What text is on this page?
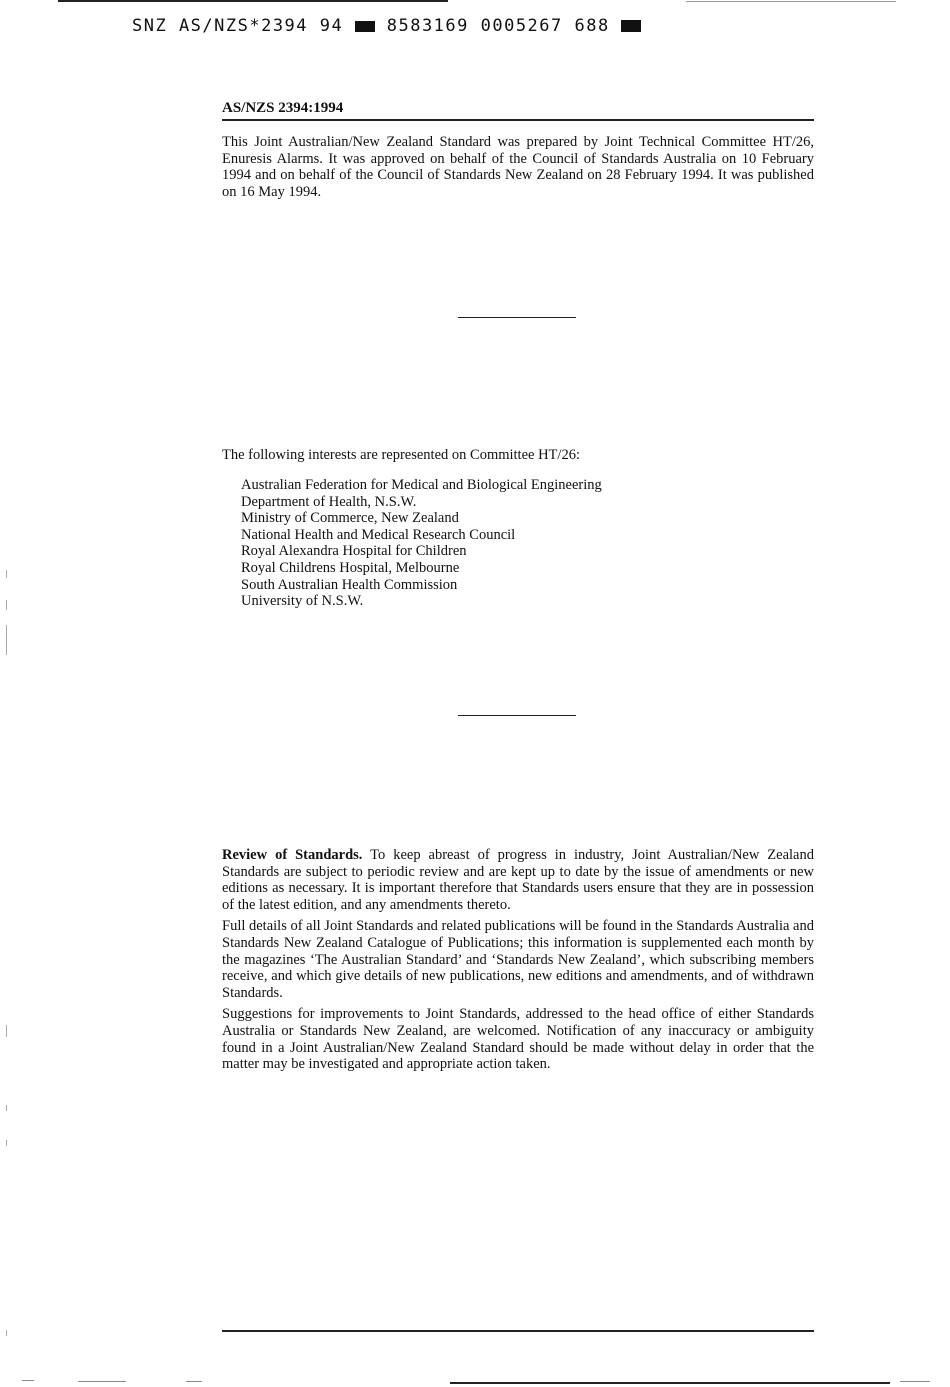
SNZ AS/NZS*2394 94	8583169 0005267 688
AS/NZS 2394:1994
This Joint Australian/New Zealand Standard was prepared by Joint Technical Committee HT/26, Enuresis Alarms. It was approved on behalf of the Council of Standards Australia on 10 February 1994 and on behalf of the Council of Standards New Zealand on 28 February 1994. It was published on 16 May 1994.
The following interests are represented on Committee HT/26:
Australian Federation for Medical and Biological Engineering
Department of Health, N.S.W.
Ministry of Commerce, New Zealand
National Health and Medical Research Council
Royal Alexandra Hospital for Children
Royal Childrens Hospital, Melbourne
South Australian Health Commission
University of N.S.W.

Review of Standards. To keep abreast of progress in industry, Joint Australian/New Zealand Standards are subject to periodic review and are kept up to date by the issue of amendments or new editions as necessary. It is important therefore that Standards users ensure that they are in possession of the latest edition, and any amendments thereto.

Full details of all Joint Standards and related publications will be found in the Standards Australia and Standards New Zealand Catalogue of Publications; this information is supplemented each month by the magazines ‘The Australian Standard’ and ‘Standards New Zealand’, which subscribing members receive, and which give details of new publications, new editions and amendments, and of withdrawn Standards.

Suggestions for improvements to Joint Standards, addressed to the head office of either Standards Australia or Standards New Zealand, are welcomed. Notification of any inaccuracy or ambiguity found in a Joint Australian/New Zealand Standard should be made without delay in order that the matter may be investigated and appropriate action taken.
